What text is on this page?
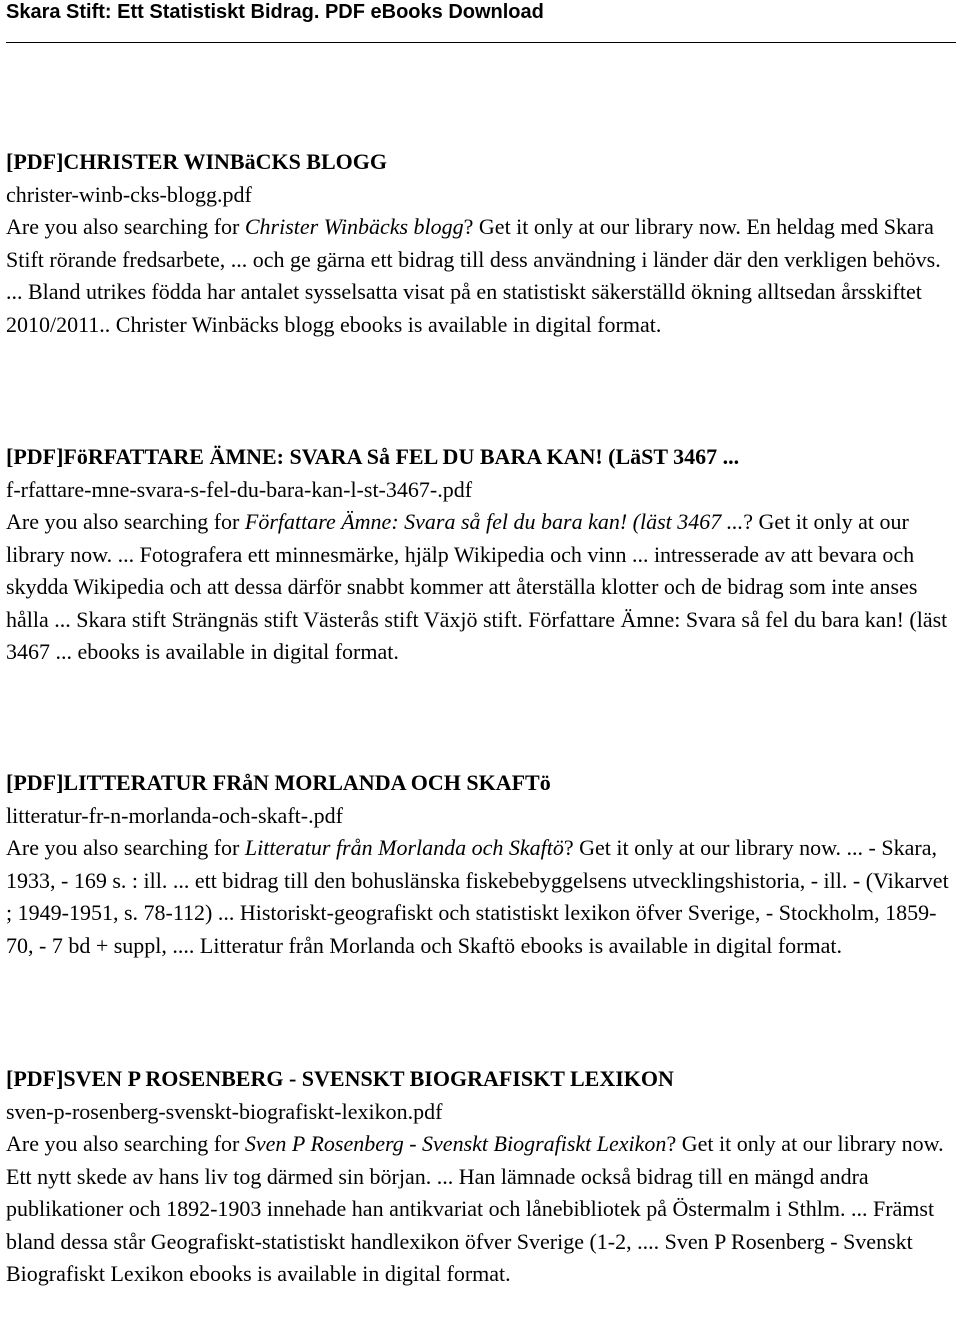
Skara Stift: Ett Statistiskt Bidrag. PDF eBooks Download
[PDF]CHRISTER WINBäCKS BLOGG
christer-winb-cks-blogg.pdf
Are you also searching for Christer Winbäcks blogg? Get it only at our library now. En heldag med Skara Stift rörande fredsarbete, ... och ge gärna ett bidrag till dess användning i länder där den verkligen behövs. ... Bland utrikes födda har antalet sysselsatta visat på en statistiskt säkerställd ökning alltsedan årsskiftet 2010/2011.. Christer Winbäcks blogg ebooks is available in digital format.
[PDF]FöRFATTARE ÄMNE: SVARA Så FEL DU BARA KAN! (LäST 3467 ...
f-rfattare-mne-svara-s-fel-du-bara-kan-l-st-3467-.pdf
Are you also searching for Författare Ämne: Svara så fel du bara kan! (läst 3467 ...? Get it only at our library now. ... Fotografera ett minnesmärke, hjälp Wikipedia och vinn ... intresserade av att bevara och skydda Wikipedia och att dessa därför snabbt kommer att återställa klotter och de bidrag som inte anses hålla ... Skara stift Strängnäs stift Västerås stift Växjö stift. Författare Ämne: Svara så fel du bara kan! (läst 3467 ... ebooks is available in digital format.
[PDF]LITTERATUR FRåN MORLANDA OCH SKAFTö
litteratur-fr-n-morlanda-och-skaft-.pdf
Are you also searching for Litteratur från Morlanda och Skaftö? Get it only at our library now. ... - Skara, 1933, - 169 s. : ill. ... ett bidrag till den bohuslänska fiskebebyggelsens utvecklingshistoria, - ill. - (Vikarvet ; 1949-1951, s. 78-112) ... Historiskt-geografiskt och statistiskt lexikon öfver Sverige, - Stockholm, 1859-70, - 7 bd + suppl, .... Litteratur från Morlanda och Skaftö ebooks is available in digital format.
[PDF]SVEN P ROSENBERG - SVENSKT BIOGRAFISKT LEXIKON
sven-p-rosenberg-svenskt-biografiskt-lexikon.pdf
Are you also searching for Sven P Rosenberg - Svenskt Biografiskt Lexikon? Get it only at our library now. Ett nytt skede av hans liv tog därmed sin början. ... Han lämnade också bidrag till en mängd andra publikationer och 1892-1903 innehade han antikvariat och lånebibliotek på Östermalm i Sthlm. ... Främst bland dessa står Geografiskt-statistiskt handlexikon öfver Sverige (1-2, .... Sven P Rosenberg - Svenskt Biografiskt Lexikon ebooks is available in digital format.
